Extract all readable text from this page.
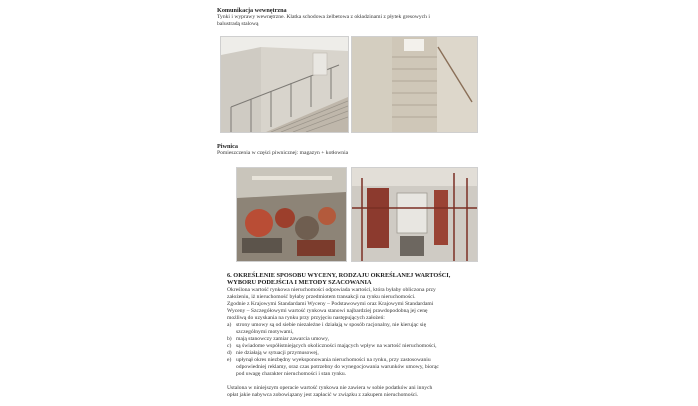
Komunikacja wewnętrzna
Tynki i wyprawy wewnętrzne. Klatka schodowa żelbetowa z okładzinami z płytek gresowych i
balustradą stalową
Piwnica
Pomieszczenia w części piwnicznej: magazyn + kotłownia
6. OKREŚLENIE SPOSOBU WYCENY, RODZAJU OKREŚLANEJ WARTOŚCI,
WYBORU PODEJŚCIA I METODY SZACOWANIA
Określona wartość rynkowa nieruchomości odpowiada wartości, która byłaby obliczona przy
założeniu, iż nieruchomość byłaby przedmiotem transakcji na rynku nieruchomości.
Zgodnie z Krajowymi Standardami Wyceny – Podstawowymi oraz Krajowymi Standardami
Wyceny – Szczegółowymi wartość rynkowa stanowi najbardziej prawdopodobną jej cenę
możliwą do uzyskania na rynku przy przyjęciu następujących założeń:
a) strony umowy są od siebie niezależne i działają w sposób racjonalny, nie kierując się
szczególnymi motywami,
b) mają stanowczy zamiar zawarcia umowy,
c) są świadome współistniejących okoliczności mających wpływ na wartość nieruchomości,
d) nie działają w sytuacji przymusowej,
e) upłynął okres niezbędny wyeksponowania nieruchomości na rynku, przy zastosowaniu
odpowiedniej reklamy, oraz czas potrzebny do wynegocjowania warunków umowy, biorąc
pod uwagę charakter nieruchomości i stan rynku.
Ustalona w niniejszym operacie wartość rynkowa nie zawiera w sobie podatków ani innych
opłat jakie nabywca zobowiązany jest zapłacić w związku z zakupem nieruchomości.
